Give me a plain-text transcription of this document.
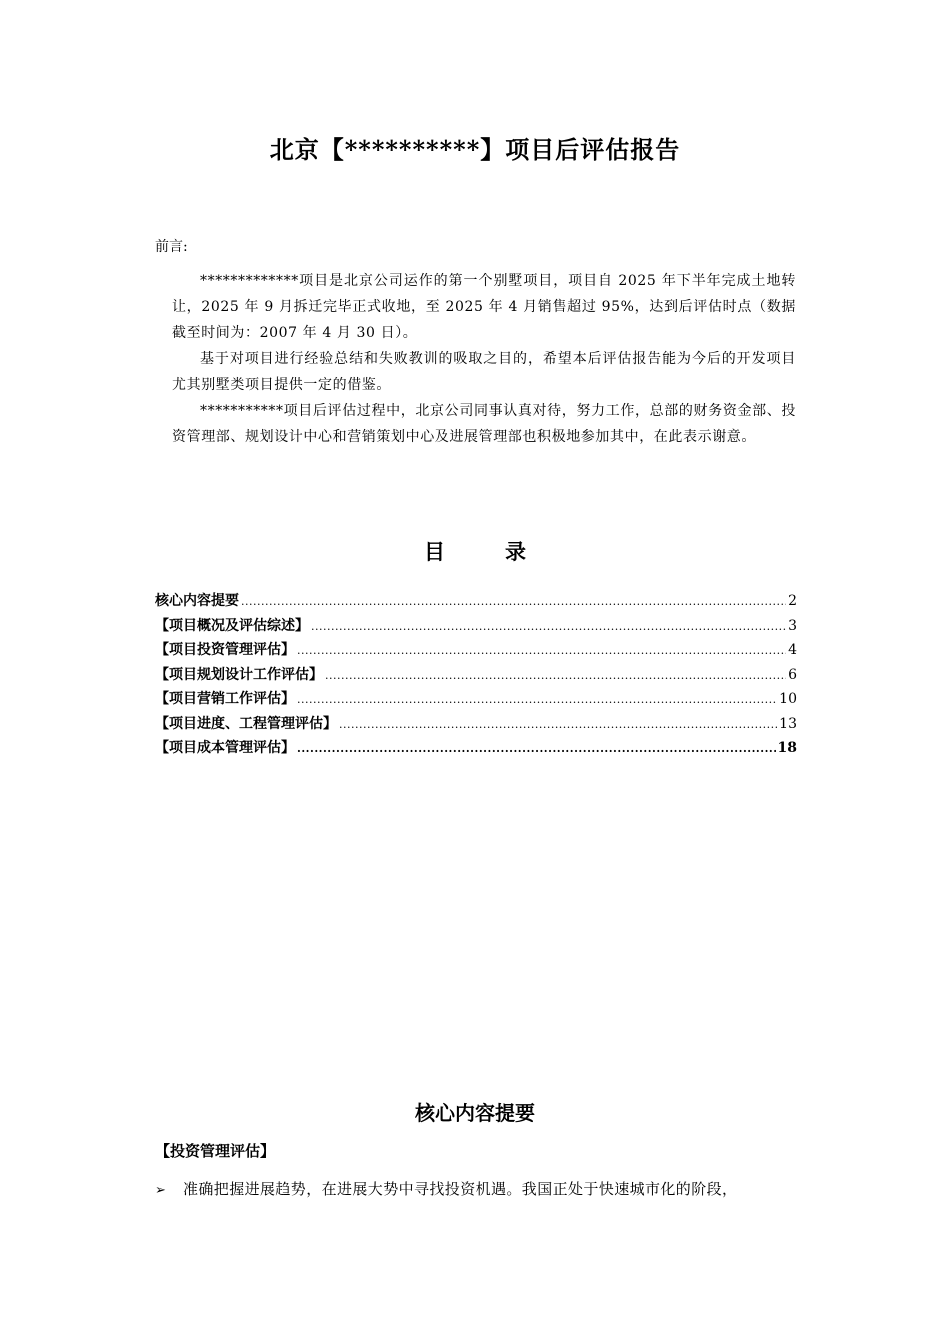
北京【**********】项目后评估报告
前言:

*************项目是北京公司运作的第一个别墅项目，项目自 2025 年下半年完成土地转让，2025 年 9 月拆迁完毕正式收地，至 2025 年 4 月销售超过 95%，达到后评估时点（数据截至时间为：2007 年 4 月 30 日）。

基于对项目进行经验总结和失败教训的吸取之目的，希望本后评估报告能为今后的开发项目尤其别墅类项目提供一定的借鉴。

***********项目后评估过程中，北京公司同事认真对待，努力工作，总部的财务资金部、投资管理部、规划设计中心和营销策划中心及进展管理部也积极地参加其中，在此表示谢意。

目录
核心内容提要 .....	2
【项目概况及评估综述】 .....	3
【项目投资管理评估】 .....	4
【项目规划设计工作评估】 .....	6
【项目营销工作评估】 .....	10
【项目进度、工程管理评估】 .....	13
【项目成本管理评估】 .....	18
核心内容提要
【投资管理评估】
➢	准确把握进展趋势，在进展大势中寻找投资机遇。我国正处于快速城市化的阶段，
